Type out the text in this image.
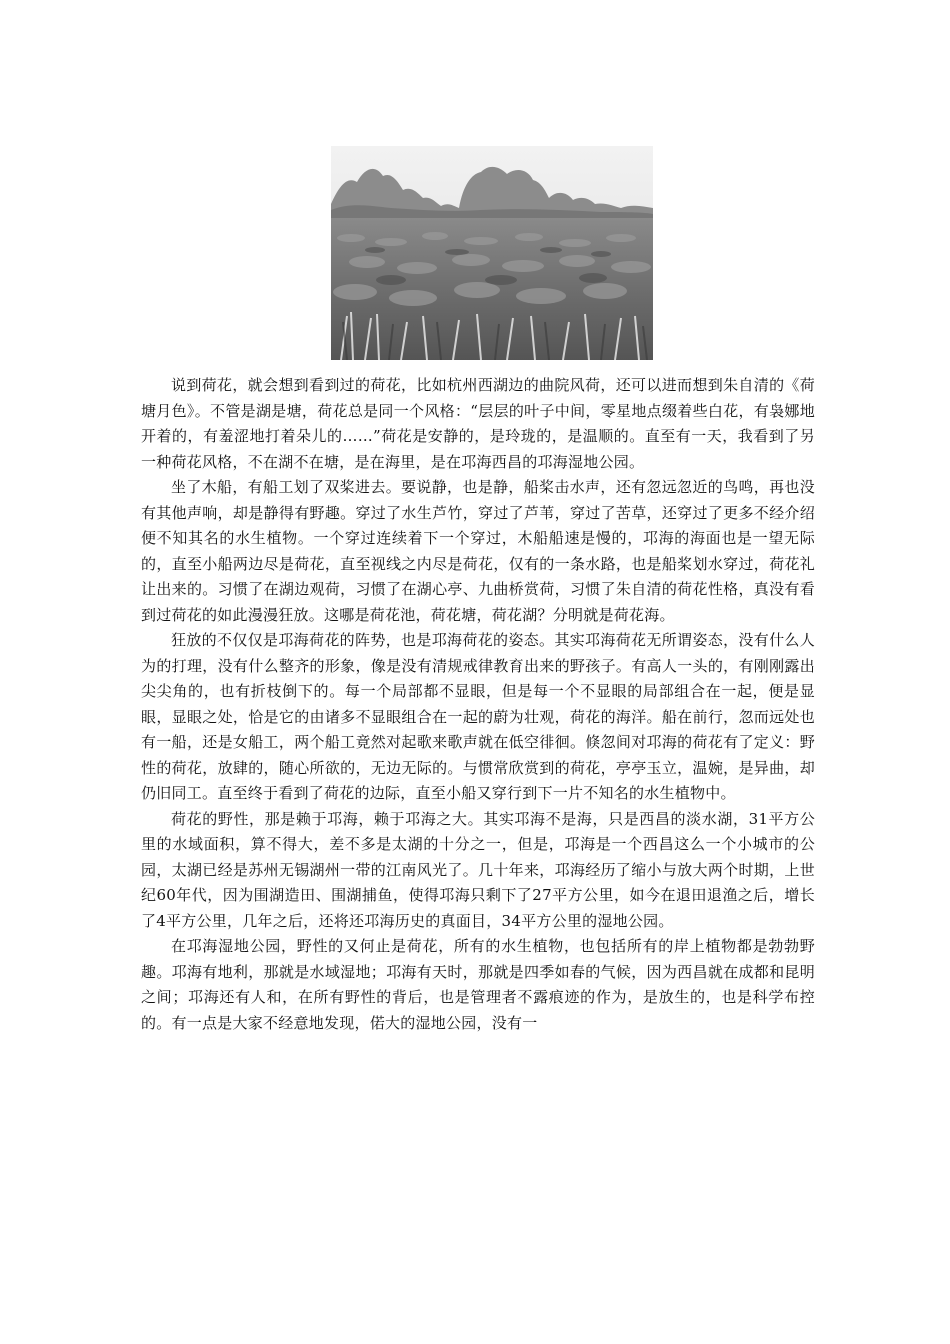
说到荷花，就会想到看到过的荷花，比如杭州西湖边的曲院风荷，还可以进而想到朱自清的《荷塘月色》。不管是湖是塘，荷花总是同一个风格：“层层的叶子中间，零星地点缀着些白花，有袅娜地开着的，有羞涩地打着朵儿的……”荷花是安静的，是玲珑的，是温顺的。直至有一天，我看到了另一种荷花风格，不在湖不在塘，是在海里，是在邛海西昌的邛海湿地公园。

坐了木船，有船工划了双桨进去。要说静，也是静，船桨击水声，还有忽远忽近的鸟鸣，再也没有其他声响，却是静得有野趣。穿过了水生芦竹，穿过了芦苇，穿过了苦草，还穿过了更多不经介绍便不知其名的水生植物。一个穿过连续着下一个穿过，木船船速是慢的，邛海的海面也是一望无际的，直至小船两边尽是荷花，直至视线之内尽是荷花，仅有的一条水路，也是船桨划水穿过，荷花礼让出来的。习惯了在湖边观荷，习惯了在湖心亭、九曲桥赏荷，习惯了朱自清的荷花性格，真没有看到过荷花的如此漫漫狂放。这哪是荷花池，荷花塘，荷花湖？分明就是荷花海。

狂放的不仅仅是邛海荷花的阵势，也是邛海荷花的姿态。其实邛海荷花无所谓姿态，没有什么人为的打理，没有什么整齐的形象，像是没有清规戒律教育出来的野孩子。有高人一头的，有刚刚露出尖尖角的，也有折枝倒下的。每一个局部都不显眼，但是每一个不显眼的局部组合在一起，便是显眼，显眼之处，恰是它的由诸多不显眼组合在一起的蔚为壮观，荷花的海洋。船在前行，忽而远处也有一船，还是女船工，两个船工竟然对起歌来歌声就在低空徘徊。倏忽间对邛海的荷花有了定义：野性的荷花，放肆的，随心所欲的，无边无际的。与惯常欣赏到的荷花，亭亭玉立，温婉，是异曲，却仍旧同工。直至终于看到了荷花的边际，直至小船又穿行到下一片不知名的水生植物中。

荷花的野性，那是赖于邛海，赖于邛海之大。其实邛海不是海，只是西昌的淡水湖，31平方公里的水域面积，算不得大，差不多是太湖的十分之一，但是，邛海是一个西昌这么一个小城市的公园，太湖已经是苏州无锡湖州一带的江南风光了。几十年来，邛海经历了缩小与放大两个时期，上世纪60年代，因为围湖造田、围湖捕鱼，使得邛海只剩下了27平方公里，如今在退田退渔之后，增长了4平方公里，几年之后，还将还邛海历史的真面目，34平方公里的湿地公园。

在邛海湿地公园，野性的又何止是荷花，所有的水生植物，也包括所有的岸上植物都是勃勃野趣。邛海有地利，那就是水域湿地；邛海有天时，那就是四季如春的气候，因为西昌就在成都和昆明之间；邛海还有人和，在所有野性的背后，也是管理者不露痕迹的作为，是放生的，也是科学布控的。有一点是大家不经意地发现，偌大的湿地公园，没有一
